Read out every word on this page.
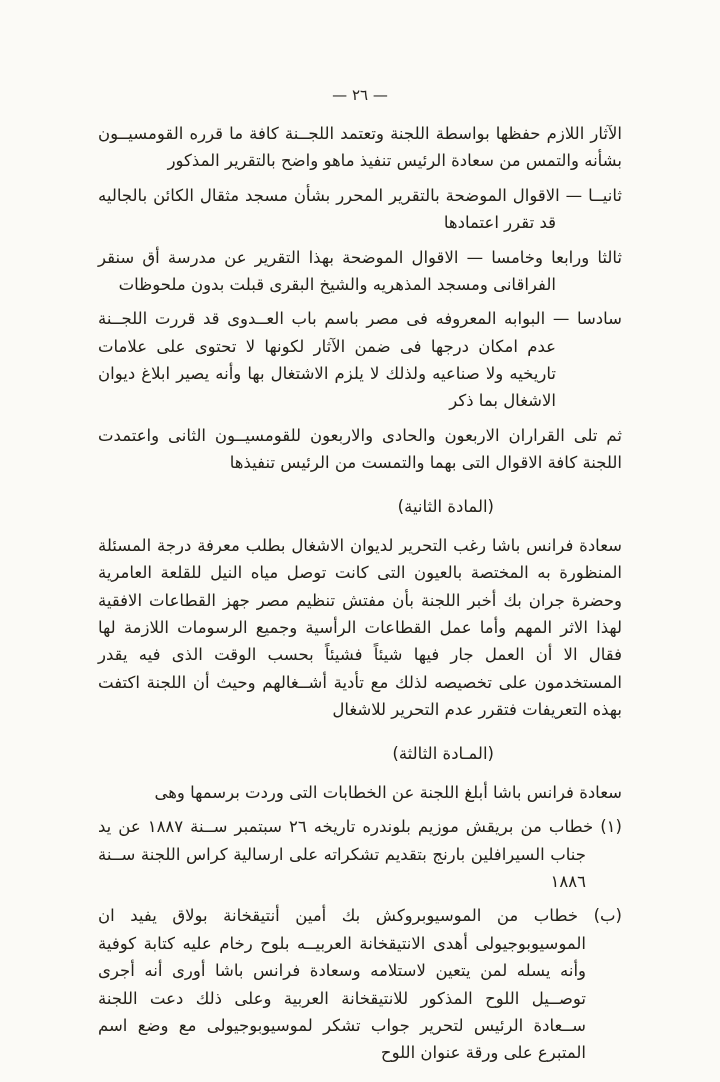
— ٢٦ —
الآثار اللازم حفظها بواسطة اللجنة وتعتمد اللجــنة كافة ما قرره القومسيــون بشأنه والتمس من سعادة الرئيس تنفيذ ماهو واضح بالتقرير المذكور
ثانيــا — الاقوال الموضحة بالتقرير المحرر بشأن مسجد مثقال الكائن بالجاليه قد تقرر اعتمادها
ثالثا ورابعا وخامسا — الاقوال الموضحة بهذا التقرير عن مدرسة أق سنقر الفراقانى ومسجد المذهريه والشيخ البقرى قبلت بدون ملحوظات
سادسا — البوابه المعروفه فى مصر باسم باب العــدوى قد قررت اللجــنة عدم امكان درجها فى ضمن الآثار لكونها لا تحتوى على علامات تاريخيه ولا صناعيه ولذلك لا يلزم الاشتغال بها وأنه يصير ابلاغ ديوان الاشغال بما ذكر
ثم تلى القراران الاربعون والحادى والاربعون للقومسيــون الثانى واعتمدت اللجنة كافة الاقوال التى بهما والتمست من الرئيس تنفيذها
(المادة الثانية)
سعادة فرانس باشا رغب التحرير لديوان الاشغال بطلب معرفة درجة المسئلة المنظورة به المختصة بالعيون التى كانت توصل مياه النيل للقلعة العامرية وحضرة جران بك أخبر اللجنة بأن مفتش تنظيم مصر جهز القطاعات الافقية لهذا الاثر المهم وأما عمل القطاعات الرأسية وجميع الرسومات اللازمة لها فقال الا أن العمل جار فيها شيئاً فشيئاً بحسب الوقت الذى فيه يقدر المستخدمون على تخصيصه لذلك مع تأدية أشــغالهم وحيث أن اللجنة اكتفت بهذه التعريفات فتقرر عدم التحرير للاشغال
(المـادة الثالثة)
سعادة فرانس باشا أبلغ اللجنة عن الخطابات التى وردت برسمها وهى
(١) خطاب من بريقش موزيم بلوندره تاريخه ٢٦ سبتمبر ســنة ١٨٨٧ عن يد جناب السيرافلين بارنج بتقديم تشكراته على ارسالية كراس اللجنة ســنة ١٨٨٦
(ب) خطاب من الموسيوبروكش بك أمين أنتيقخانة بولاق يفيد ان الموسيوبوجيولى أهدى الانتيقخانة العربيــه بلوح رخام عليه كتابة كوفية وأنه يسله لمن يتعين لاستلامه وسعادة فرانس باشا أورى أنه أجرى توصــيل اللوح المذكور للانتيقخانة العربية وعلى ذلك دعت اللجنة ســعادة الرئيس لتحرير جواب تشكر لموسيوبوجيولى مع وضع اسم المتبرع على ورقة عنوان اللوح
